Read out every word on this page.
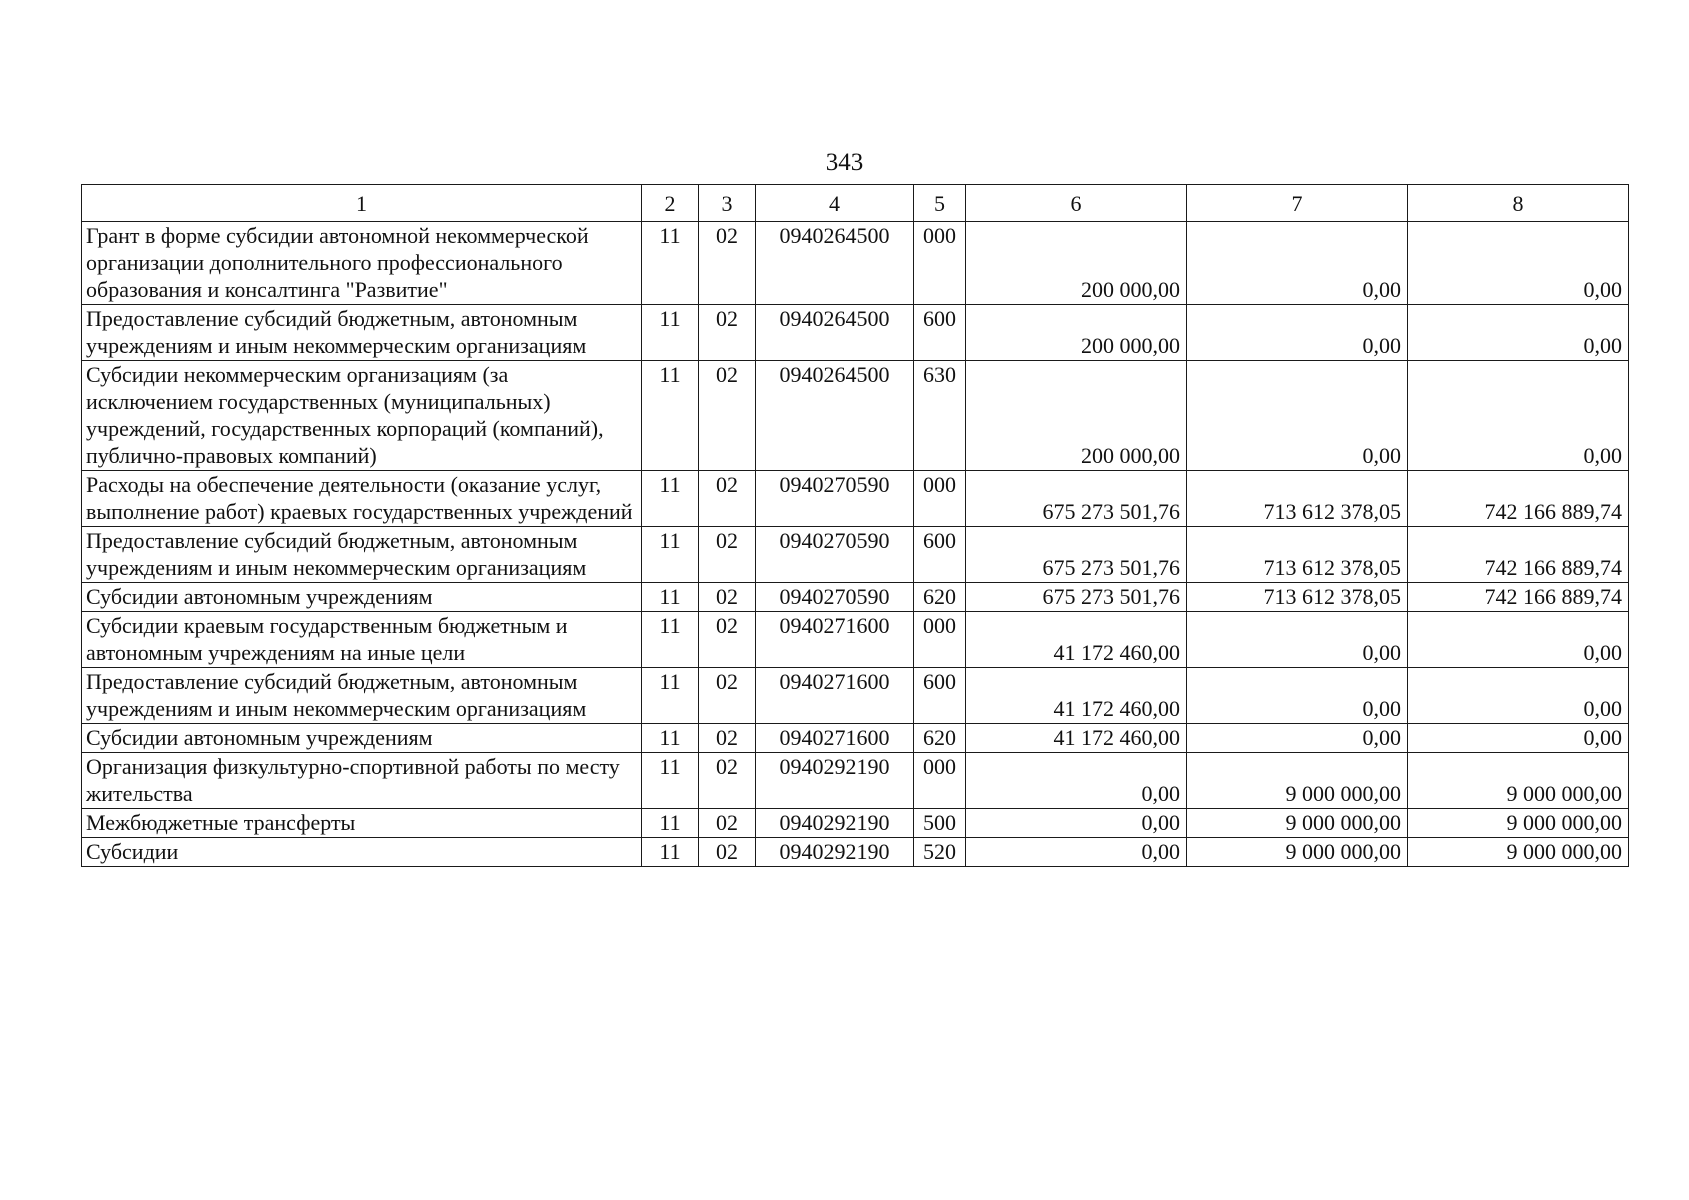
343
1	2	3	4	5	6	7	8
Грант в форме субсидии автономной некоммерческой организации дополнительного профессионального образования и консалтинга "Развитие"	11	02	0940264500	000	200 000,00	0,00	0,00
Предоставление субсидий бюджетным, автономным учреждениям и иным некоммерческим организациям	11	02	0940264500	600	200 000,00	0,00	0,00
Субсидии некоммерческим организациям (за исключением государственных (муниципальных) учреждений, государственных корпораций (компаний), публично-правовых компаний)	11	02	0940264500	630	200 000,00	0,00	0,00
Расходы на обеспечение деятельности (оказание услуг, выполнение работ) краевых государственных учреждений	11	02	0940270590	000	675 273 501,76	713 612 378,05	742 166 889,74
Предоставление субсидий бюджетным, автономным учреждениям и иным некоммерческим организациям	11	02	0940270590	600	675 273 501,76	713 612 378,05	742 166 889,74
Субсидии автономным учреждениям	11	02	0940270590	620	675 273 501,76	713 612 378,05	742 166 889,74
Субсидии краевым государственным бюджетным и автономным учреждениям на иные цели	11	02	0940271600	000	41 172 460,00	0,00	0,00
Предоставление субсидий бюджетным, автономным учреждениям и иным некоммерческим организациям	11	02	0940271600	600	41 172 460,00	0,00	0,00
Субсидии автономным учреждениям	11	02	0940271600	620	41 172 460,00	0,00	0,00
Организация физкультурно-спортивной работы по месту жительства	11	02	0940292190	000	0,00	9 000 000,00	9 000 000,00
Межбюджетные трансферты	11	02	0940292190	500	0,00	9 000 000,00	9 000 000,00
Субсидии	11	02	0940292190	520	0,00	9 000 000,00	9 000 000,00
